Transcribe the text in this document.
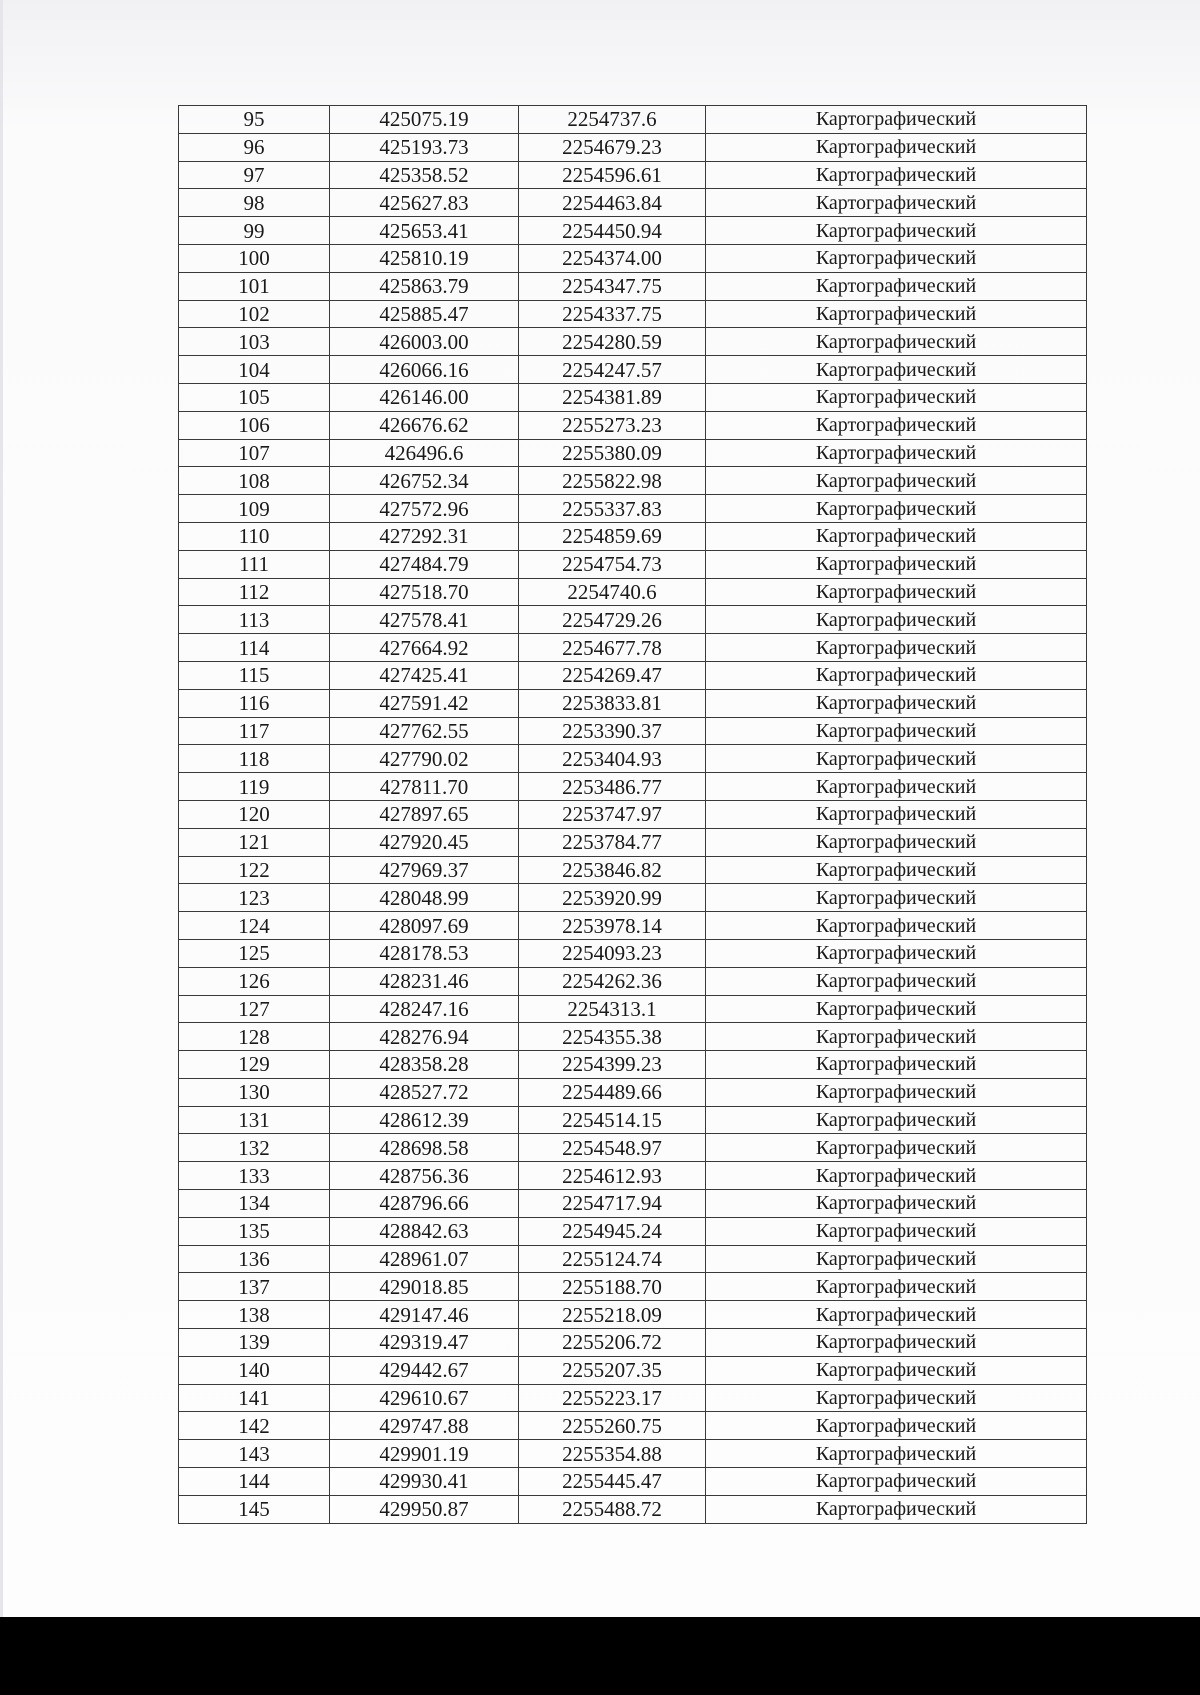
95	425075.19	2254737.6	Картографический
96	425193.73	2254679.23	Картографический
97	425358.52	2254596.61	Картографический
98	425627.83	2254463.84	Картографический
99	425653.41	2254450.94	Картографический
100	425810.19	2254374.00	Картографический
101	425863.79	2254347.75	Картографический
102	425885.47	2254337.75	Картографический
103	426003.00	2254280.59	Картографический
104	426066.16	2254247.57	Картографический
105	426146.00	2254381.89	Картографический
106	426676.62	2255273.23	Картографический
107	426496.6	2255380.09	Картографический
108	426752.34	2255822.98	Картографический
109	427572.96	2255337.83	Картографический
110	427292.31	2254859.69	Картографический
111	427484.79	2254754.73	Картографический
112	427518.70	2254740.6	Картографический
113	427578.41	2254729.26	Картографический
114	427664.92	2254677.78	Картографический
115	427425.41	2254269.47	Картографический
116	427591.42	2253833.81	Картографический
117	427762.55	2253390.37	Картографический
118	427790.02	2253404.93	Картографический
119	427811.70	2253486.77	Картографический
120	427897.65	2253747.97	Картографический
121	427920.45	2253784.77	Картографический
122	427969.37	2253846.82	Картографический
123	428048.99	2253920.99	Картографический
124	428097.69	2253978.14	Картографический
125	428178.53	2254093.23	Картографический
126	428231.46	2254262.36	Картографический
127	428247.16	2254313.1	Картографический
128	428276.94	2254355.38	Картографический
129	428358.28	2254399.23	Картографический
130	428527.72	2254489.66	Картографический
131	428612.39	2254514.15	Картографический
132	428698.58	2254548.97	Картографический
133	428756.36	2254612.93	Картографический
134	428796.66	2254717.94	Картографический
135	428842.63	2254945.24	Картографический
136	428961.07	2255124.74	Картографический
137	429018.85	2255188.70	Картографический
138	429147.46	2255218.09	Картографический
139	429319.47	2255206.72	Картографический
140	429442.67	2255207.35	Картографический
141	429610.67	2255223.17	Картографический
142	429747.88	2255260.75	Картографический
143	429901.19	2255354.88	Картографический
144	429930.41	2255445.47	Картографический
145	429950.87	2255488.72	Картографический
